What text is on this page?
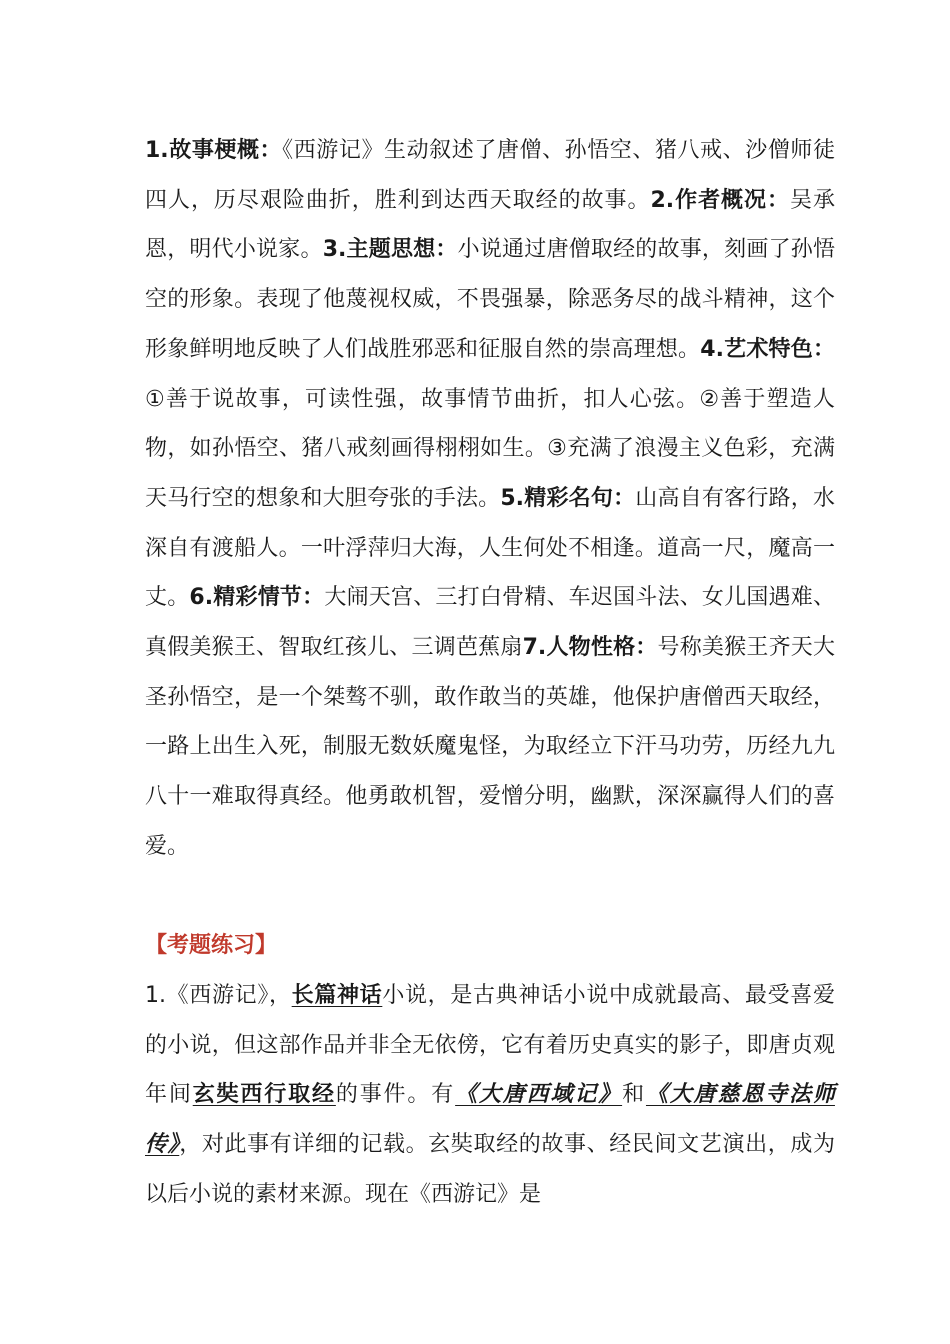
1.故事梗概：《西游记》生动叙述了唐僧、孙悟空、猪八戒、沙僧师徒四人，历尽艰险曲折，胜利到达西天取经的故事。2.作者概况：吴承恩，明代小说家。3.主题思想：小说通过唐僧取经的故事，刻画了孙悟空的形象。表现了他蔑视权威，不畏强暴，除恶务尽的战斗精神，这个形象鲜明地反映了人们战胜邪恶和征服自然的崇高理想。4.艺术特色：①善于说故事，可读性强，故事情节曲折，扣人心弦。②善于塑造人物，如孙悟空、猪八戒刻画得栩栩如生。③充满了浪漫主义色彩，充满天马行空的想象和大胆夸张的手法。5.精彩名句：山高自有客行路，水深自有渡船人。一叶浮萍归大海，人生何处不相逢。道高一尺，魔高一丈。6.精彩情节：大闹天宫、三打白骨精、车迟国斗法、女儿国遇难、真假美猴王、智取红孩儿、三调芭蕉扇7.人物性格：号称美猴王齐天大圣孙悟空，是一个桀骜不驯，敢作敢当的英雄，他保护唐僧西天取经，一路上出生入死，制服无数妖魔鬼怪，为取经立下汗马功劳，历经九九八十一难取得真经。他勇敢机智，爱憎分明，幽默，深深赢得人们的喜爱。
【考题练习】
1.《西游记》，长篇神话小说，是古典神话小说中成就最高、最受喜爱的小说，但这部作品并非全无依傍，它有着历史真实的影子，即唐贞观年间玄奘西行取经的事件。有《大唐西域记》和《大唐慈恩寺法师传》，对此事有详细的记载。玄奘取经的故事、经民间文艺演出，成为以后小说的素材来源。现在《西游记》是
